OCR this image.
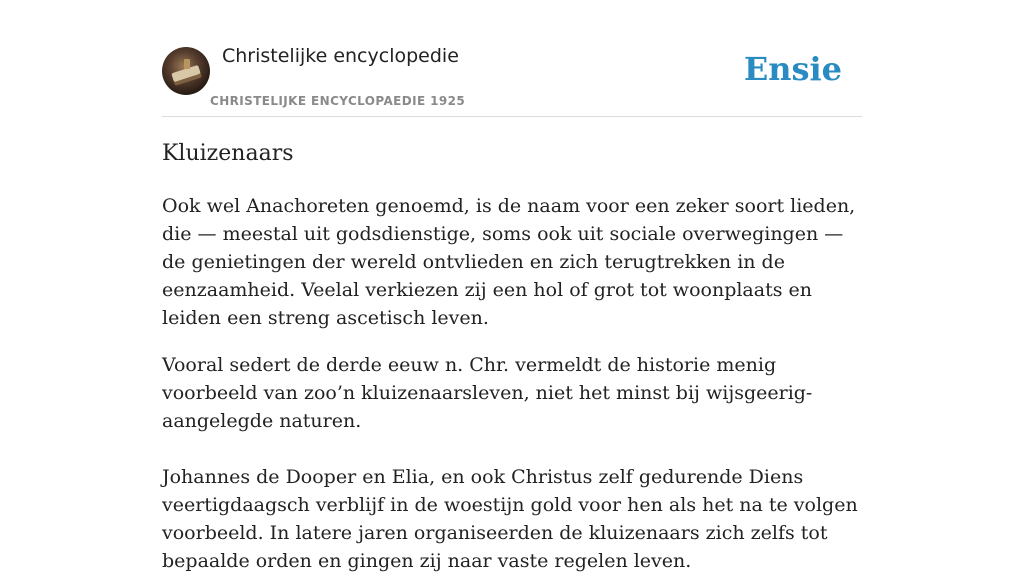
Christelijke encyclopedie
CHRISTELIJKE ENCYCLOPAEDIE 1925
Ensie
Kluizenaars

Ook wel Anachoreten genoemd, is de naam voor een zeker soort lieden, die — meestal uit godsdienstige, soms ook uit sociale overwegingen — de genietingen der wereld ontvlieden en zich terugtrekken in de eenzaamheid. Veelal verkiezen zij een hol of grot tot woonplaats en leiden een streng ascetisch leven.

Vooral sedert de derde eeuw n. Chr. vermeldt de historie menig voorbeeld van zoo’n kluizenaarsleven, niet het minst bij wijsgeerig-aangelegde naturen.

Johannes de Dooper en Elia, en ook Christus zelf gedurende Diens veertigdaagsch verblijf in de woestijn gold voor hen als het na te volgen voorbeeld. In latere jaren organiseerden de kluizenaars zich zelfs tot bepaalde orden en gingen zij naar vaste regelen leven.
